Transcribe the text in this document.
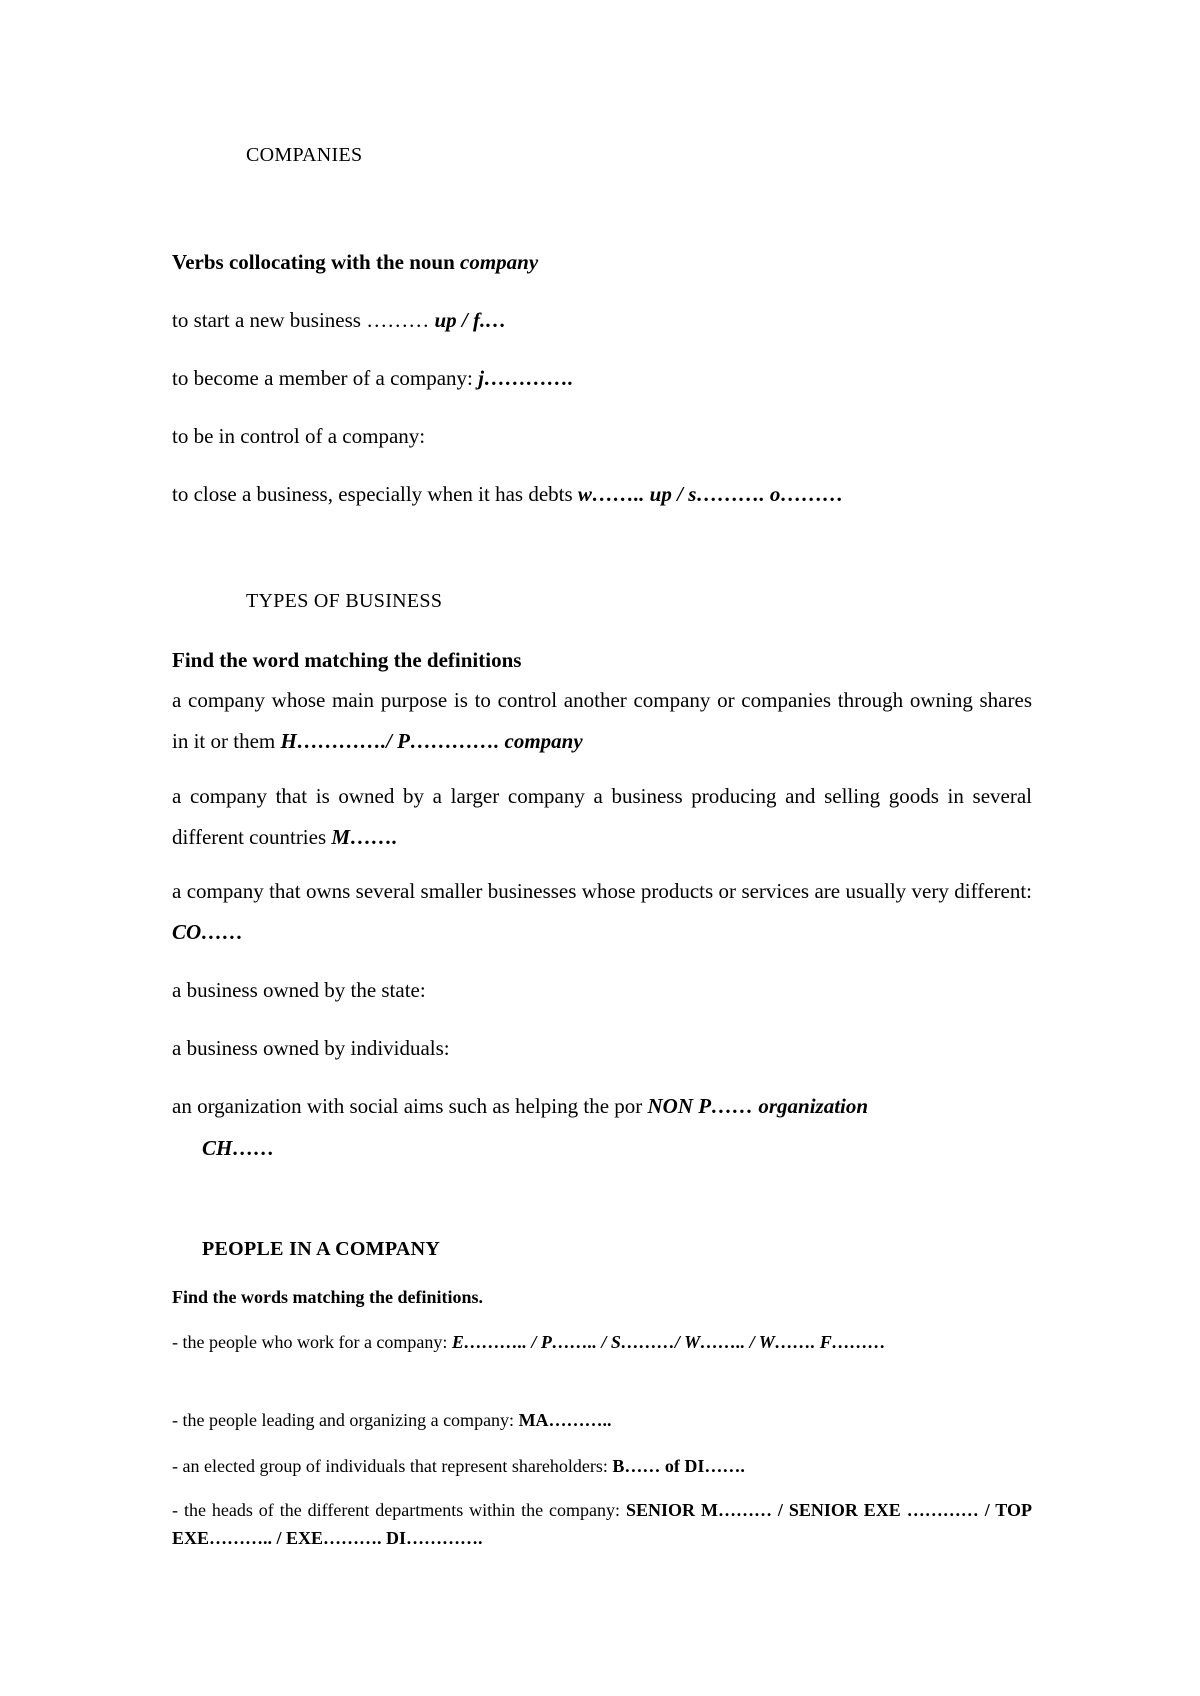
COMPANIES
Verbs collocating with the noun company
to start a new business ……… up / f.…
to become a member of a company: j………….
to be in control of a company:
to close a business, especially when it has debts w…….. up / s………. o………
TYPES OF BUSINESS
Find the word matching the definitions
a company whose main purpose is to control another company or companies through owning shares in it or them H…………./ P…………. company
a company that is owned by a larger company a business producing and selling goods in several different countries M…….
a company that owns several smaller businesses whose products or services are usually very different: CO……
a business owned by the state:
a business owned by individuals:
an organization with social aims such as helping the por NON P…… organization
CH……
PEOPLE IN A COMPANY
Find the words matching the definitions.
- the people who work for a company: E……….. / P…….. / S………/ W…….. / W……. F………
- the people leading and organizing a company: MA………..
- an elected group of individuals that represent shareholders: B…… of DI…….
- the heads of the different departments within the company: SENIOR M……… / SENIOR EXE ………… / TOP EXE……….. / EXE………. DI………….
